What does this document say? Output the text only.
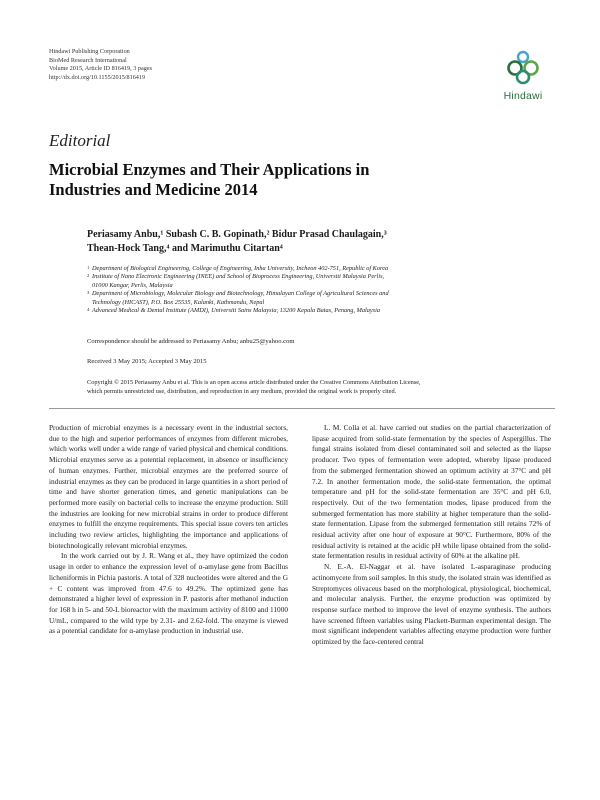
Hindawi Publishing Corporation
BioMed Research International
Volume 2015, Article ID 816419, 3 pages
http://dx.doi.org/10.1155/2015/816419
Hindawi
Editorial
Microbial Enzymes and Their Applications in
Industries and Medicine 2014
Periasamy Anbu,¹ Subash C. B. Gopinath,² Bidur Prasad Chaulagain,³
Thean-Hock Tang,⁴ and Marimuthu Citartan⁴
1 Department of Biological Engineering, College of Engineering, Inha University, Incheon 402-751, Republic of Korea
2 Institute of Nano Electronic Engineering (INEE) and School of Bioprocess Engineering, Universiti Malaysia Perlis,
01000 Kangar, Perlis, Malaysia
3 Department of Microbiology, Molecular Biology and Biotechnology, Himalayan College of Agricultural Sciences and
Technology (HICAST), P.O. Box 25535, Kalanki, Kathmandu, Nepal
4 Advanced Medical & Dental Institute (AMDI), Universiti Sains Malaysia, 13200 Kepala Batas, Penang, Malaysia
Correspondence should be addressed to Periasamy Anbu; anbu25@yahoo.com
Received 3 May 2015; Accepted 3 May 2015
Copyright © 2015 Periasamy Anbu et al. This is an open access article distributed under the Creative Commons Attribution License,
which permits unrestricted use, distribution, and reproduction in any medium, provided the original work is properly cited.

Production of microbial enzymes is a necessary event in the industrial sectors, due to the high and superior performances of enzymes from different microbes, which works well under a wide range of varied physical and chemical conditions. Microbial enzymes serve as a potential replacement, in absence or insufficiency of human enzymes. Further, microbial enzymes are the preferred source of industrial enzymes as they can be produced in large quantities in a short period of time and have shorter generation times, and genetic manipulations can be performed more easily on bacterial cells to increase the enzyme production. Still the industries are looking for new microbial strains in order to produce different enzymes to fulfill the enzyme requirements. This special issue covers ten articles including two review articles, highlighting the importance and applications of biotechnologically relevant microbial enzymes.

In the work carried out by J. R. Wang et al., they have optimized the codon usage in order to enhance the expression level of α-amylase gene from Bacillus licheniformis in Pichia pastoris. A total of 328 nucleotides were altered and the G + C content was improved from 47.6 to 49.2%. The optimized gene has demonstrated a higher level of expression in P. pastoris after methanol induction for 168 h in 5- and 50-L bioreactor with the maximum activity of 8100 and 11000 U/mL, compared to the wild type by 2.31- and 2.62-fold. The enzyme is viewed as a potential candidate for α-amylase production in industrial use.

L. M. Colla et al. have carried out studies on the partial characterization of lipase acquired from solid-state fermentation by the species of Aspergillus. The fungal strains isolated from diesel contaminated soil and selected as the liapse producer. Two types of fermentation were adopted, whereby lipase produced from the submerged fermentation showed an optimum activity at 37°C and pH 7.2. In another fermentation mode, the solid-state fermentation, the optimal temperature and pH for the solid-state fermentation are 35°C and pH 6.0, respectively. Out of the two fermentation modes, lipase produced from the submerged fermentation has more stability at higher temperature than the solid-state fermentation. Lipase from the submerged fermentation still retains 72% of residual activity after one hour of exposure at 90°C. Furthermore, 80% of the residual activity is retained at the acidic pH while lipase obtained from the solid-state fermentation results in residual activity of 60% at the alkaline pH.

N. E.-A. El-Naggar et al. have isolated L-asparaginase producing actinomycete from soil samples. In this study, the isolated strain was identified as Streptomyces olivaceus based on the morphological, physiological, biochemical, and molecular analysis. Further, the enzyme production was optimized by response surface method to improve the level of enzyme synthesis. The authors have screened fifteen variables using Plackett-Burman experimental design. The most significant independent variables affecting enzyme production were further optimized by the face-centered central
